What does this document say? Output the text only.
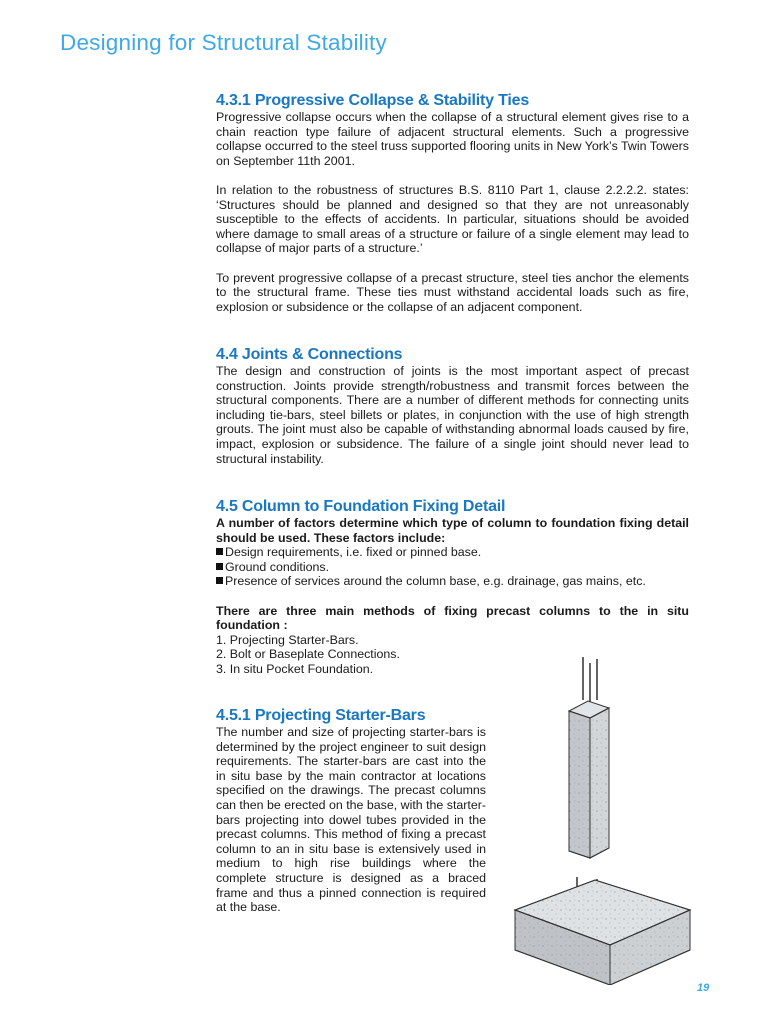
Designing for Structural Stability
4.3.1 Progressive Collapse & Stability Ties

Progressive collapse occurs when the collapse of a structural element gives rise to a chain reaction type failure of adjacent structural elements. Such a progressive collapse occurred to the steel truss supported flooring units in New York’s Twin Towers on September 11th 2001.

In relation to the robustness of structures B.S. 8110 Part 1, clause 2.2.2.2. states: ‘Structures should be planned and designed so that they are not unreasonably susceptible to the effects of accidents. In particular, situations should be avoided where damage to small areas of a structure or failure of a single element may lead to collapse of major parts of a structure.’

To prevent progressive collapse of a precast structure, steel ties anchor the elements to the structural frame. These ties must withstand accidental loads such as fire, explosion or subsidence or the collapse of an adjacent component.

4.4 Joints & Connections

The design and construction of joints is the most important aspect of precast construction. Joints provide strength/robustness and transmit forces between the structural components. There are a number of different methods for connecting units including tie-bars, steel billets or plates, in conjunction with the use of high strength grouts. The joint must also be capable of withstanding abnormal loads caused by fire, impact, explosion or subsidence. The failure of a single joint should never lead to structural instability.

4.5 Column to Foundation Fixing Detail

A number of factors determine which type of column to foundation fixing detail should be used. These factors include:

Design requirements, i.e. fixed or pinned base.
Ground conditions.
Presence of services around the column base, e.g. drainage, gas mains, etc.

There are three main methods of fixing precast columns to the in situ foundation :

1. Projecting Starter-Bars.
2. Bolt or Baseplate Connections.
3. In situ Pocket Foundation.
4.5.1 Projecting Starter-Bars

The number and size of projecting starter-bars is determined by the project engineer to suit design requirements. The starter-bars are cast into the in situ base by the main contractor at locations specified on the drawings. The precast columns can then be erected on the base, with the starter-bars projecting into dowel tubes provided in the precast columns. This method of fixing a precast column to an in situ base is extensively used in medium to high rise buildings where the complete structure is designed as a braced frame and thus a pinned connection is required at the base.

19
